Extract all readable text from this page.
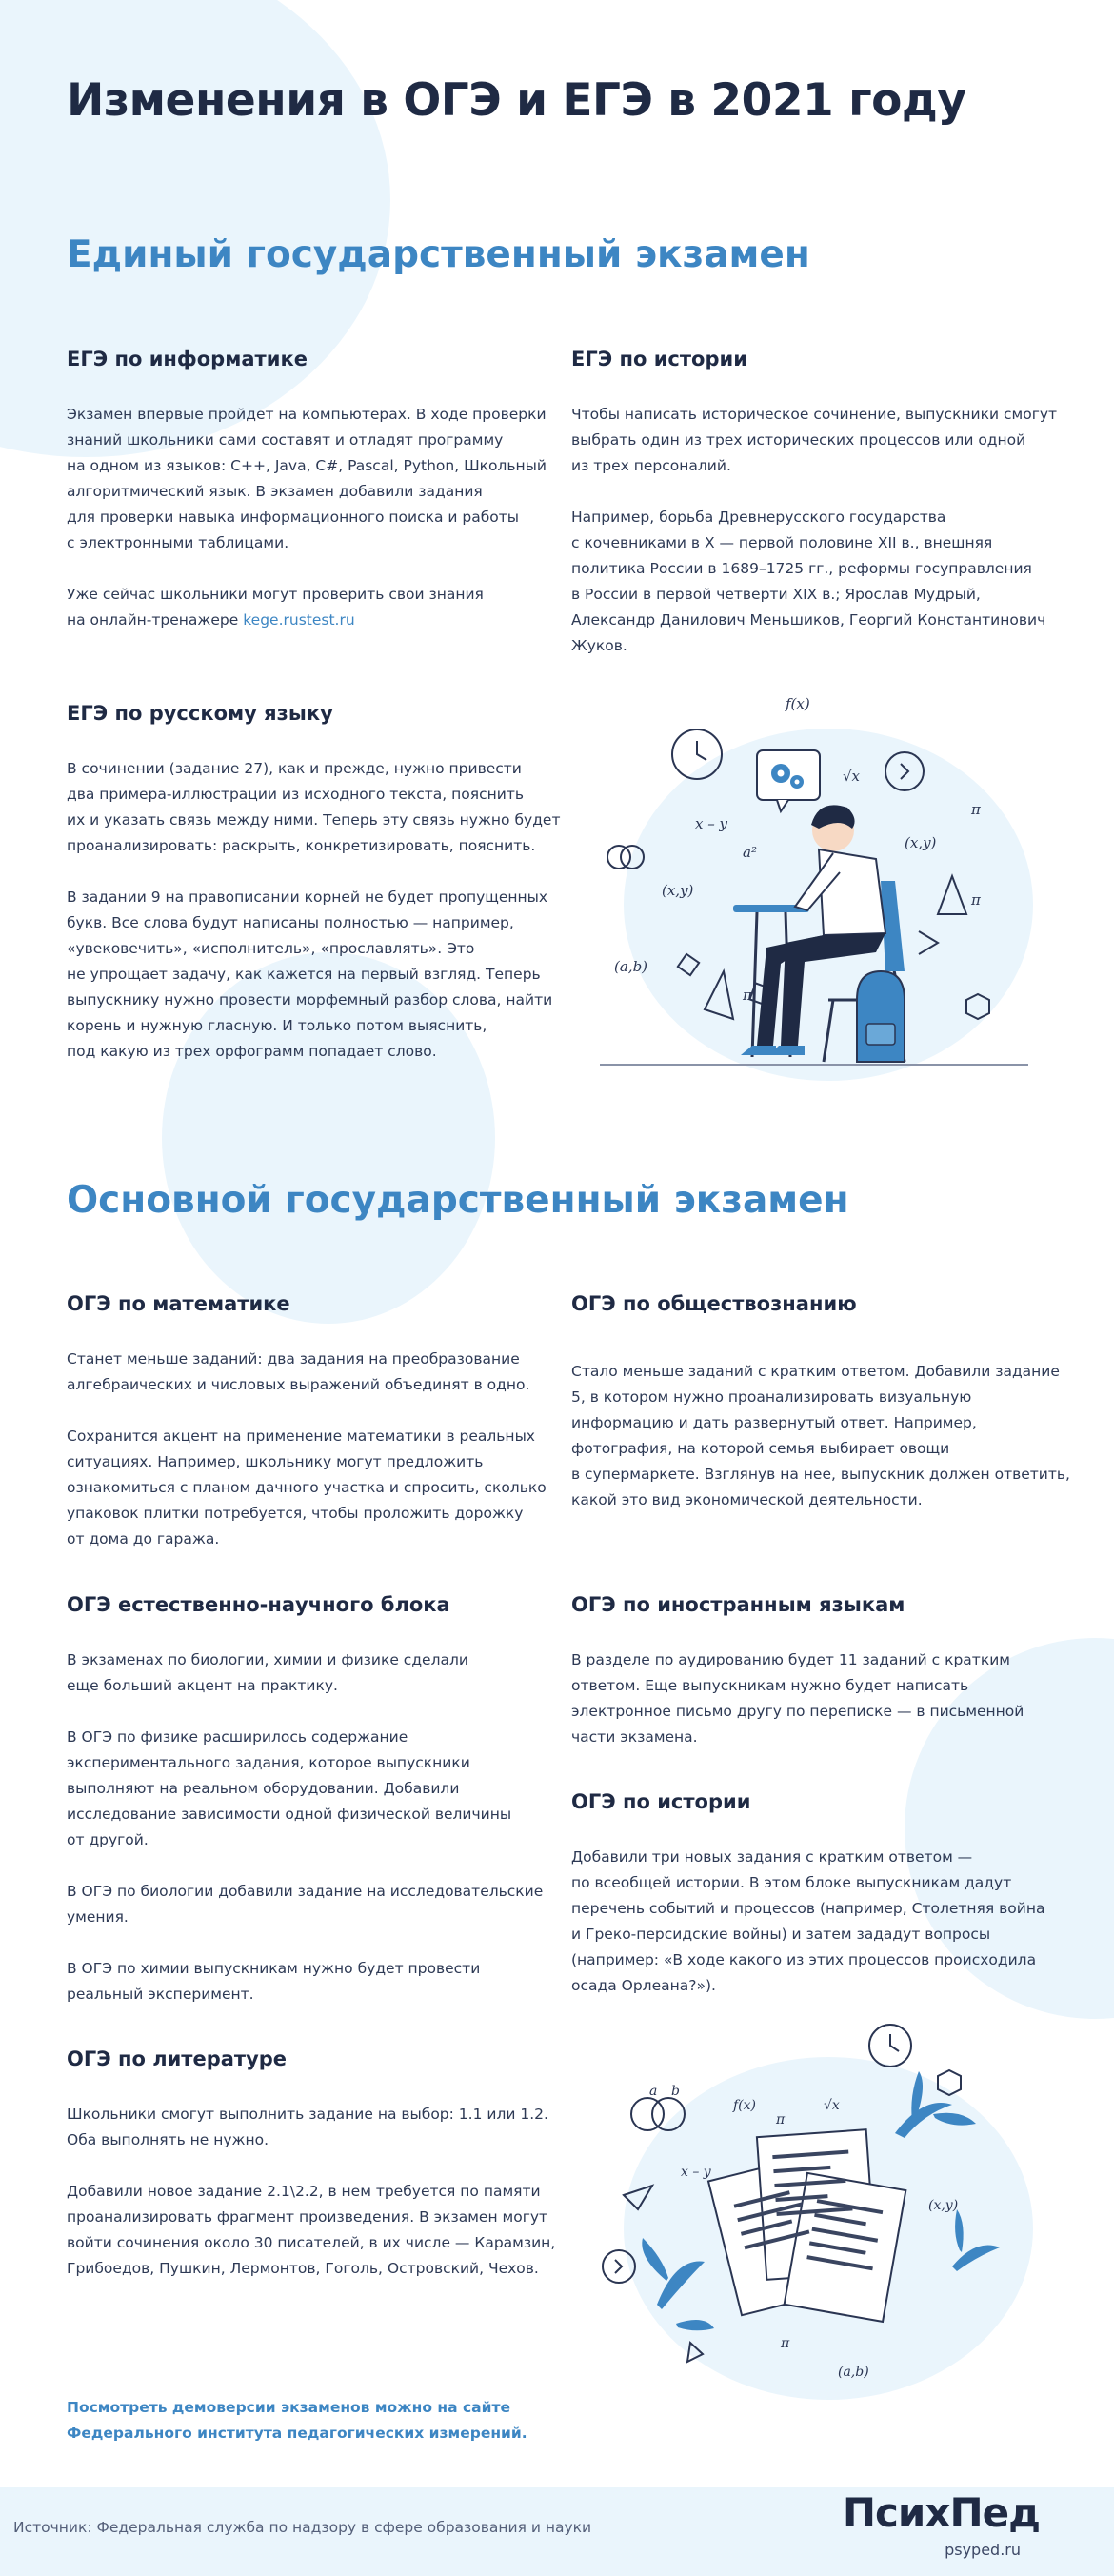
Изменения в ОГЭ и ЕГЭ в 2021 году
Единый государственный экзамен
ЕГЭ по информатике

Экзамен впервые пройдет на компьютерах. В ходе проверки
знаний школьники сами составят и отладят программу
на одном из языков: C++, Java, C#, Pascal, Python, Школьный
алгоритмический язык. В экзамен добавили задания
для проверки навыка информационного поиска и работы
с электронными таблицами.

Уже сейчас школьники могут проверить свои знания
на онлайн-тренажере kege.rustest.ru

ЕГЭ по истории

Чтобы написать историческое сочинение, выпускники смогут
выбрать один из трех исторических процессов или одной
из трех персоналий.

Например, борьба Древнерусского государства
с кочевниками в X — первой половине XII в., внешняя
политика России в 1689–1725 гг., реформы госуправления
в России в первой четверти XIX в.; Ярослав Мудрый,
Александр Данилович Меньшиков, Георгий Константинович
Жуков.

ЕГЭ по русскому языку

В сочинении (задание 27), как и прежде, нужно привести
два примера-иллюстрации из исходного текста, пояснить
их и указать связь между ними. Теперь эту связь нужно будет
проанализировать: раскрыть, конкретизировать, пояснить.

В задании 9 на правописании корней не будет пропущенных
букв. Все слова будут написаны полностью — например,
«увековечить», «исполнитель», «прославлять». Это
не упрощает задачу, как кажется на первый взгляд. Теперь
выпускнику нужно провести морфемный разбор слова, найти
корень и нужную гласную. И только потом выяснить,
под какую из трех орфограмм попадает слово.

f(x)
x – y
a²
(x,y)
(a,b)
√x
(x,y)
π
π
π
Основной государственный экзамен
ОГЭ по математике

Станет меньше заданий: два задания на преобразование
алгебраических и числовых выражений объединят в одно.

Сохранится акцент на применение математики в реальных
ситуациях. Например, школьнику могут предложить
ознакомиться с планом дачного участка и спросить, сколько
упаковок плитки потребуется, чтобы проложить дорожку
от дома до гаража.

ОГЭ по обществознанию

Стало меньше заданий с кратким ответом. Добавили задание
5, в котором нужно проанализировать визуальную
информацию и дать развернутый ответ. Например,
фотография, на которой семья выбирает овощи
в супермаркете. Взглянув на нее, выпускник должен ответить,
какой это вид экономической деятельности.

ОГЭ естественно-научного блока

В экзаменах по биологии, химии и физике сделали
еще больший акцент на практику.

В ОГЭ по физике расширилось содержание
экспериментального задания, которое выпускники
выполняют на реальном оборудовании. Добавили
исследование зависимости одной физической величины
от другой.

В ОГЭ по биологии добавили задание на исследовательские
умения.

В ОГЭ по химии выпускникам нужно будет провести
реальный эксперимент.

ОГЭ по иностранным языкам

В разделе по аудированию будет 11 заданий с кратким
ответом. Еще выпускникам нужно будет написать
электронное письмо другу по переписке — в письменной
части экзамена.

ОГЭ по истории

Добавили три новых задания с кратким ответом —
по всеобщей истории. В этом блоке выпускникам дадут
перечень событий и процессов (например, Столетняя война
и Греко-персидские войны) и затем зададут вопросы
(например: «В ходе какого из этих процессов происходила
осада Орлеана?»).

ОГЭ по литературе

Школьники смогут выполнить задание на выбор: 1.1 или 1.2.
Оба выполнять не нужно.

Добавили новое задание 2.1\2.2, в нем требуется по памяти
проанализировать фрагмент произведения. В экзамен могут
войти сочинения около 30 писателей, в их числе — Карамзин,
Грибоедов, Пушкин, Лермонтов, Гоголь, Островский, Чехов.

a b
f(x)	√x
x – y
(x,y)
(a,b)
π
π
Посмотреть демоверсии экзаменов можно на сайте
Федерального института педагогических измерений.
Источник: Федеральная служба по надзору в сфере образования и науки	ПсихПед
psyped.ru
